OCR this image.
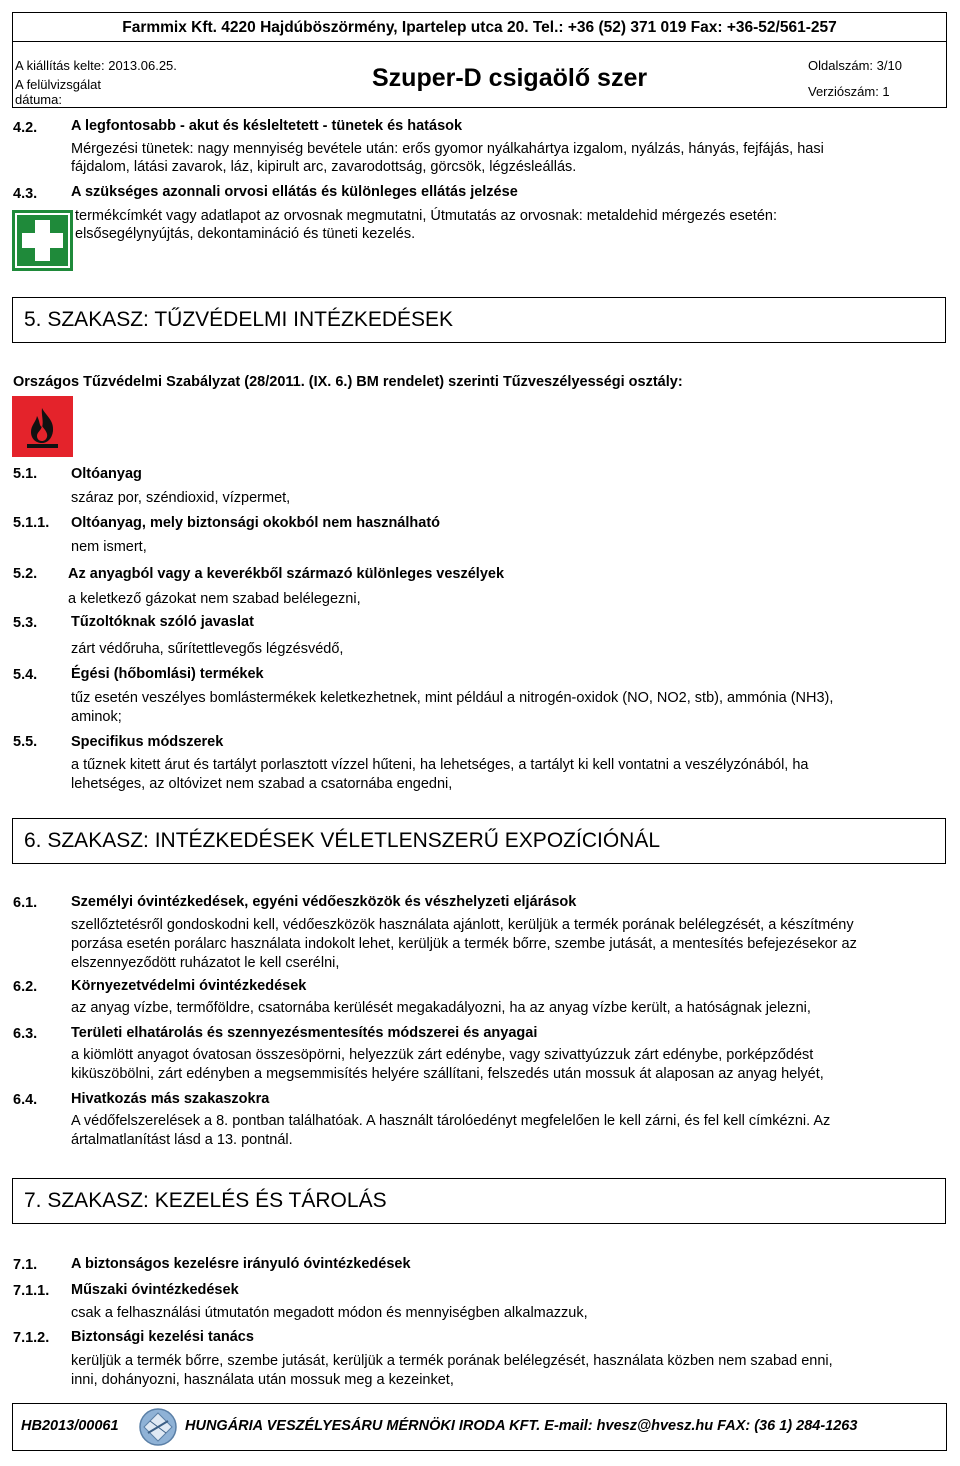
Farmmix Kft. 4220 Hajdúböszörmény, Ipartelep utca 20. Tel.: +36 (52) 371 019 Fax: +36-52/561-257
A kiállítás kelte: 2013.06.25.
A felülvizsgálat
dátuma:
Szuper-D csigaölő szer	Oldalszám: 3/10
Verziószám: 1
4.2. A legfontosabb - akut és késleltetett - tünetek és hatások
Mérgezési tünetek: nagy mennyiség bevétele után: erős gyomor nyálkahártya izgalom, nyálzás, hányás, fejfájás, hasi
fájdalom, látási zavarok, láz, kipirult arc, zavarodottság, görcsök, légzésleállás.
4.3. A szükséges azonnali orvosi ellátás és különleges ellátás jelzése
termékcímkét vagy adatlapot az orvosnak megmutatni, Útmutatás az orvosnak: metaldehid mérgezés esetén:
elsősegélynyújtás, dekontamináció és tüneti kezelés.
5. SZAKASZ: TŰZVÉDELMI INTÉZKEDÉSEK
Országos Tűzvédelmi Szabályzat (28/2011. (IX. 6.) BM rendelet) szerinti Tűzveszélyességi osztály:
5.1. Oltóanyag
száraz por, széndioxid, vízpermet,
5.1.1. Oltóanyag, mely biztonsági okokból nem használható
nem ismert,
5.2. Az anyagból vagy a keverékből származó különleges veszélyek
a keletkező gázokat nem szabad belélegezni,
5.3. Tűzoltóknak szóló javaslat
zárt védőruha, sűrítettlevegős légzésvédő,
5.4. Égési (hőbomlási) termékek
tűz esetén veszélyes bomlástermékek keletkezhetnek, mint például a nitrogén-oxidok (NO, NO2, stb), ammónia (NH3),
aminok;
5.5. Specifikus módszerek
a tűznek kitett árut és tartályt porlasztott vízzel hűteni, ha lehetséges, a tartályt ki kell vontatni a veszélyzónából, ha
lehetséges, az oltóvizet nem szabad a csatornába engedni,
6. SZAKASZ: INTÉZKEDÉSEK VÉLETLENSZERŰ EXPOZÍCIÓNÁL
6.1. Személyi óvintézkedések, egyéni védőeszközök és vészhelyzeti eljárások
szellőztetésről gondoskodni kell, védőeszközök használata ajánlott, kerüljük a termék porának belélegzését, a készítmény
porzása esetén porálarc használata indokolt lehet, kerüljük a termék bőrre, szembe jutását, a mentesítés befejezésekor az
elszennyeződött ruházatot le kell cserélni,
6.2. Környezetvédelmi óvintézkedések
az anyag vízbe, termőföldre, csatornába kerülését megakadályozni, ha az anyag vízbe került, a hatóságnak jelezni,
6.3. Területi elhatárolás és szennyezésmentesítés módszerei és anyagai
a kiömlött anyagot óvatosan összesöpörni, helyezzük zárt edénybe, vagy szivattyúzzuk zárt edénybe, porképződést
kiküszöbölni, zárt edényben a megsemmisítés helyére szállítani, felszedés után mossuk át alaposan az anyag helyét,
6.4. Hivatkozás más szakaszokra
A védőfelszerelések a 8. pontban találhatóak. A használt tárolóedényt megfelelően le kell zárni, és fel kell címkézni. Az
ártalmatlanítást lásd a 13. pontnál.
7. SZAKASZ: KEZELÉS ÉS TÁROLÁS
7.1. A biztonságos kezelésre irányuló óvintézkedések
7.1.1. Műszaki óvintézkedések
csak a felhasználási útmutatón megadott módon és mennyiségben alkalmazzuk,
7.1.2. Biztonsági kezelési tanács
kerüljük a termék bőrre, szembe jutását, kerüljük a termék porának belélegzését, használata közben nem szabad enni,
inni, dohányozni, használata után mossuk meg a kezeinket,
HB2013/00061	HUNGÁRIA VESZÉLYESÁRU MÉRNÖKI IRODA KFT. E-mail: hvesz@hvesz.hu FAX: (36 1) 284-1263
